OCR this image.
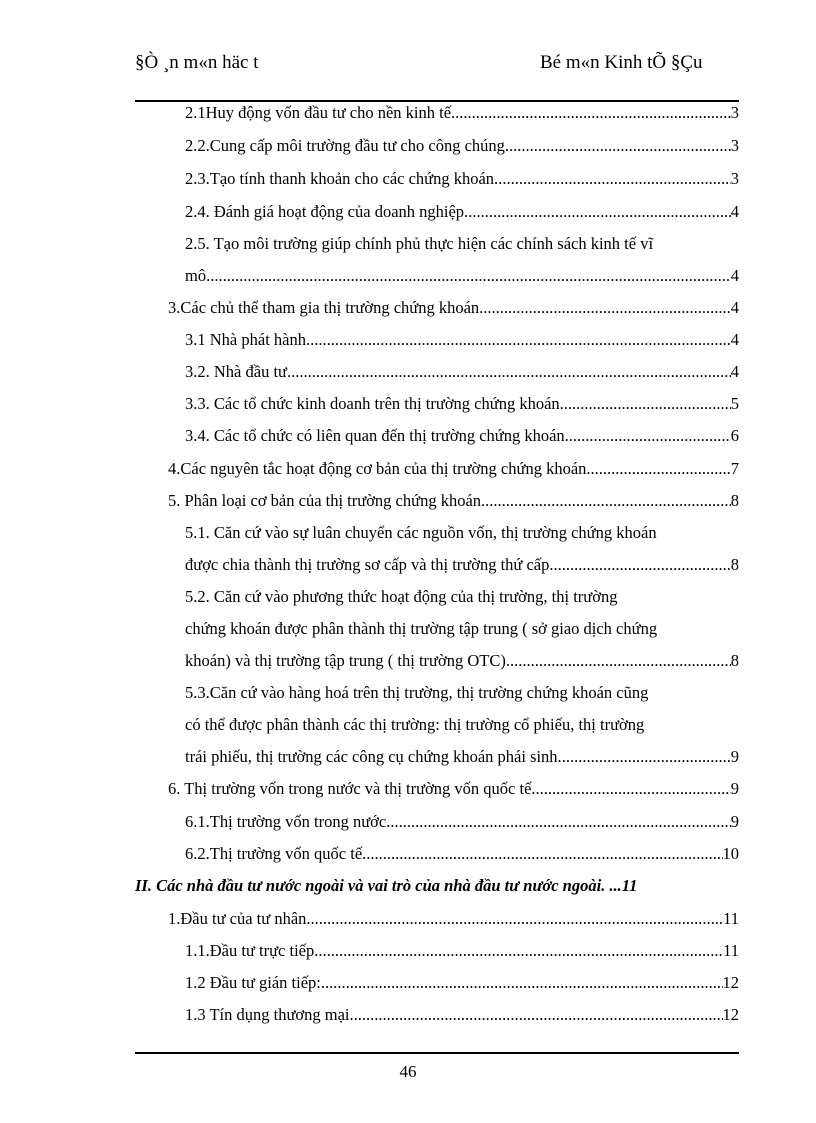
§Ò ¸n m«n häc t	Bé m«n Kinh tÕ §Çu
2.1Huy động vốn đầu tư cho nền kinh tế. .....	3
2.2.Cung cấp môi trường đầu tư cho công chúng. .....	3
2.3.Tạo tính thanh khoản cho các chứng khoán. .....	3
2.4. Đánh giá hoạt động của doanh nghiệp. .....	4
2.5. Tạo môi trường giúp chính phủ thực hiện các chính sách kinh tế vĩ
mô .....	4
3.Các chủ thể tham gia thị trường chứng khoán. .....	4
3.1 Nhà phát hành. .....	4
3.2. Nhà đầu tư. .....	4
3.3. Các tổ chức kinh doanh trên thị trường chứng khoán. .....	5
3.4. Các tổ chức có liên quan đến thị trường chứng khoán. .....	6
4.Các nguyên tắc hoạt động cơ bản của thị trường chứng khoán. .....	7
5. Phân loại cơ bản của thị trường chứng khoán. .....	8
5.1. Căn cứ vào sự luân chuyển các nguồn vốn, thị trường chứng khoán
được chia thành thị trường sơ cấp và thị trường thứ cấp. .....	8
5.2. Căn cứ vào phương thức hoạt động của thị trường, thị trường
chứng khoán được phân thành thị trường tập trung ( sở giao dịch chứng
khoán) và thị trường tập trung ( thị trường OTC). .....	8
5.3.Căn cứ vào hàng hoá trên thị trường, thị trường chứng khoán cũng
có thể được phân thành các thị trường: thị trường cổ phiếu, thị trường
trái phiếu, thị trường các công cụ chứng khoán phái sinh. .....	9
6. Thị trường vốn trong nước và thị trường vốn quốc tế. .....	9
6.1.Thị trường vốn trong nước. .....	9
6.2.Thị trường vốn quốc tế. .....	10
II. Các nhà đầu tư nước ngoài và vai trò của nhà đầu tư nước ngoài. ... 11
1.Đầu tư của tư nhân. .....	11
1.1.Đầu tư trực tiếp. .....	11
1.2 Đầu tư gián tiếp: .....	12
1.3 Tín dụng thương mại. .....	12
46
